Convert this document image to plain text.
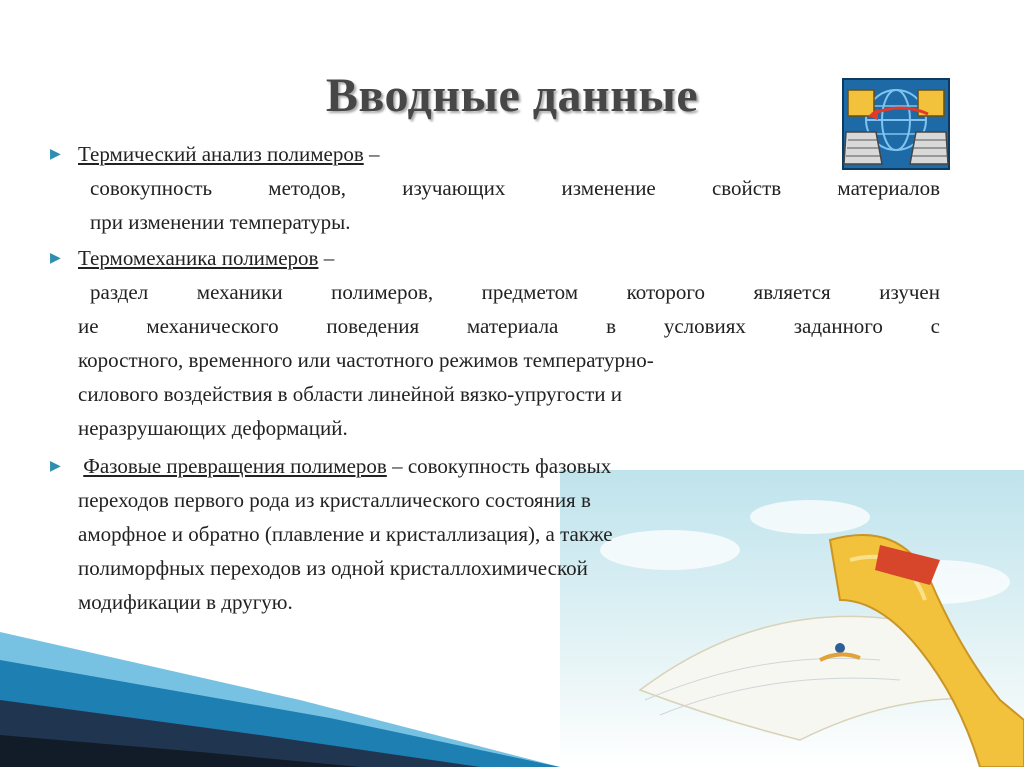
Вводные данные
▶ Термический анализ полимеров –
совокупность методов, изучающих изменение свойств материалов
при изменении температуры.
▶ Термомеханика полимеров –
раздел механики полимеров, предметом которого является изучен
ие механического поведения материала в условиях заданного с
коростного, временного или частотного режимов температурно-
силового воздействия в области линейной вязко-упругости и
неразрушающих деформаций.
▶ Фазовые превращения полимеров – совокупность фазовых
переходов первого рода из кристаллического состояния в
аморфное и обратно (плавление и кристаллизация), а также
полиморфных переходов из одной кристаллохимической
модификации в другую.
